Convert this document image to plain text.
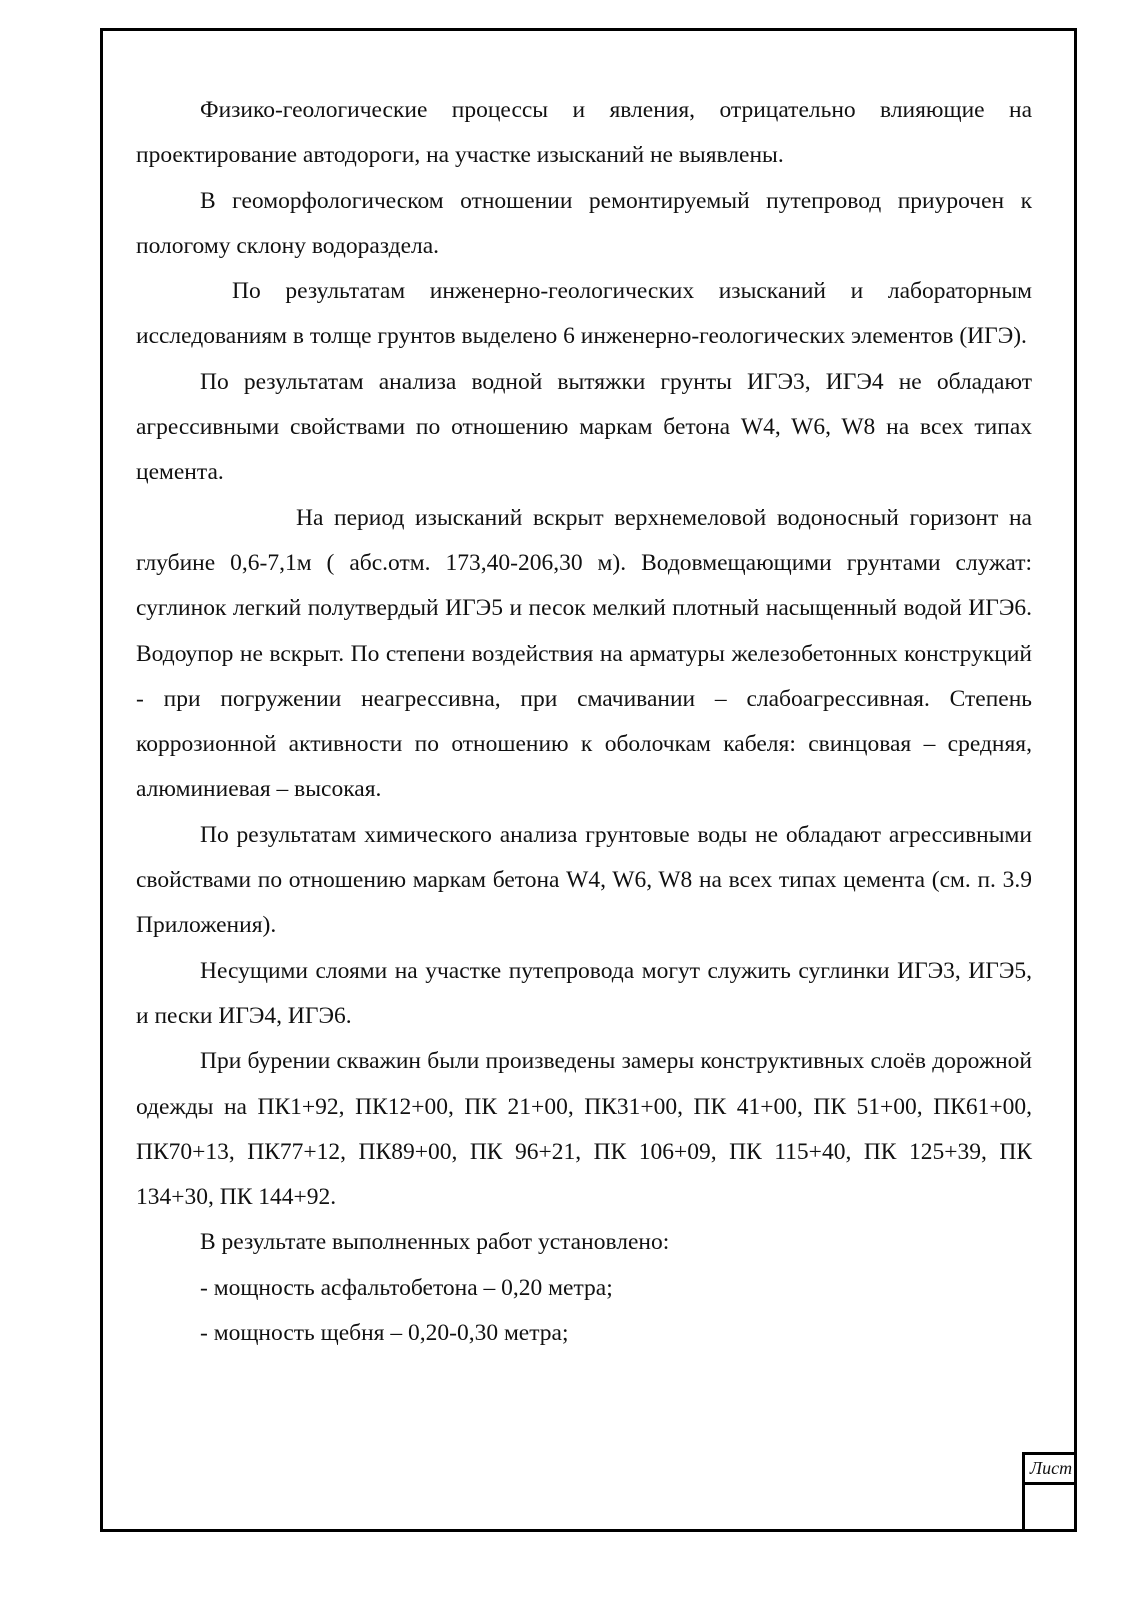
Физико-геологические процессы и явления, отрицательно влияющие на проектирование автодороги, на участке изысканий не выявлены.

В геоморфологическом отношении ремонтируемый путепровод приурочен к пологому склону водораздела.

По результатам инженерно-геологических изысканий и лабораторным исследованиям в толще грунтов выделено 6 инженерно-геологических элементов (ИГЭ).

По результатам анализа водной вытяжки грунты ИГЭ3, ИГЭ4 не обладают агрессивными свойствами по отношению маркам бетона W4, W6, W8 на всех типах цемента.

На период изысканий вскрыт верхнемеловой водоносный горизонт на глубине 0,6-7,1м ( абс.отм. 173,40-206,30 м). Водовмещающими грунтами служат: суглинок легкий полутвердый ИГЭ5 и песок мелкий плотный насыщенный водой ИГЭ6. Водоупор не вскрыт. По степени воздействия на арматуры железобетонных конструкций - при погружении неагрессивна, при смачивании – слабоагрессивная. Степень коррозионной активности по отношению к оболочкам кабеля: свинцовая – средняя, алюминиевая – высокая.

По результатам химического анализа грунтовые воды не обладают агрессивными свойствами по отношению маркам бетона W4, W6, W8 на всех типах цемента (см. п. 3.9 Приложения).

Несущими слоями на участке путепровода могут служить суглинки ИГЭ3, ИГЭ5, и пески ИГЭ4, ИГЭ6.

При бурении скважин были произведены замеры конструктивных слоёв дорожной одежды на ПК1+92, ПК12+00, ПК 21+00, ПК31+00, ПК 41+00, ПК 51+00, ПК61+00, ПК70+13, ПК77+12, ПК89+00, ПК 96+21, ПК 106+09, ПК 115+40, ПК 125+39, ПК 134+30, ПК 144+92.

В результате выполненных работ установлено:

- мощность асфальтобетона – 0,20 метра;

- мощность щебня – 0,20-0,30 метра;

Лист
